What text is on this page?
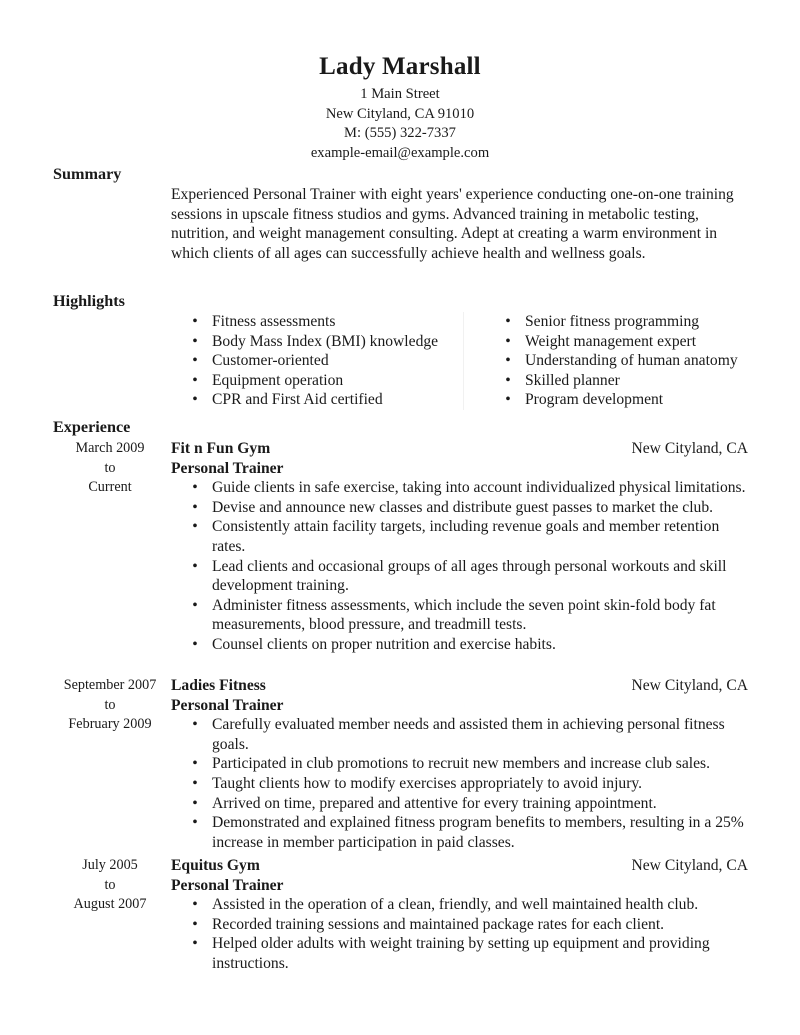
Lady Marshall
1 Main Street
New Cityland, CA 91010
M: (555) 322-7337
example-email@example.com
Summary
Experienced Personal Trainer with eight years' experience conducting one-on-one training sessions in upscale fitness studios and gyms. Advanced training in metabolic testing, nutrition, and weight management consulting. Adept at creating a warm environment in which clients of all ages can successfully achieve health and wellness goals.
Highlights
•
Fitness assessments
•
Body Mass Index (BMI) knowledge
•
Customer-oriented
•
Equipment operation
•
CPR and First Aid certified
•
Senior fitness programming
•
Weight management expert
•
Understanding of human anatomy
•
Skilled planner
•
Program development
Experience
March 2009
to
Current
Fit n Fun Gym	New Cityland, CA
Personal Trainer
•
Guide clients in safe exercise, taking into account individualized physical limitations.
•
Devise and announce new classes and distribute guest passes to market the club.
•
Consistently attain facility targets, including revenue goals and member retention rates.
•
Lead clients and occasional groups of all ages through personal workouts and skill development training.
•
Administer fitness assessments, which include the seven point skin-fold body fat measurements, blood pressure, and treadmill tests.
•
Counsel clients on proper nutrition and exercise habits.
September 2007
to
February 2009
Ladies Fitness	New Cityland, CA
Personal Trainer
•
Carefully evaluated member needs and assisted them in achieving personal fitness goals.
•
Participated in club promotions to recruit new members and increase club sales.
•
Taught clients how to modify exercises appropriately to avoid injury.
•
Arrived on time, prepared and attentive for every training appointment.
•
Demonstrated and explained fitness program benefits to members, resulting in a 25% increase in member participation in paid classes.
July 2005
to
August 2007
Equitus Gym	New Cityland, CA
Personal Trainer
•
Assisted in the operation of a clean, friendly, and well maintained health club.
•
Recorded training sessions and maintained package rates for each client.
•
Helped older adults with weight training by setting up equipment and providing instructions.
